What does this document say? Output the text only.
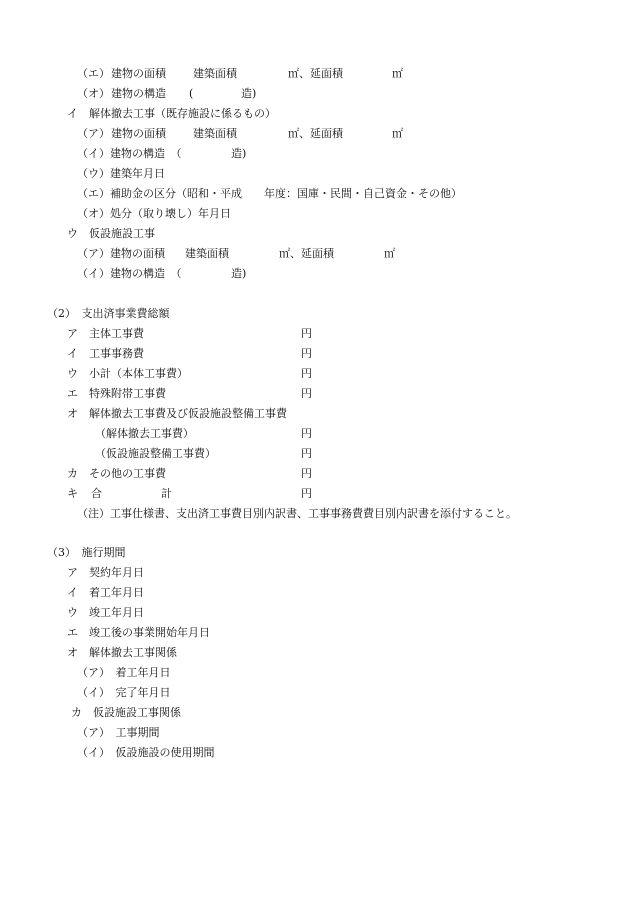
（エ） 建物の面積 建築面積	㎡、延面積	㎡
（オ） 建物の構造 (	造)
イ　解体撤去工事（既存施設に係るもの）
（ア） 建物の面積 建築面積	㎡、延面積	㎡
（イ）建物の構造　（	造)
（ウ）建築年月日
（エ）補助金の区分（昭和・平成　　年度：国庫・民間・自己資金・その他）
（オ）処分（取り壊し）年月日
ウ　仮設施設工事
（ア）建物の面積 建築面積	㎡、延面積	㎡
（イ）建物の構造　（	造)
（2）　支出済事業費総額
ア　主体工事費	円
イ　工事事務費	円
ウ　小計（本体工事費）	円
エ　特殊附帯工事費	円
オ　解体撤去工事費及び仮設施設整備工事費
（解体撤去工事費）	円
（仮設施設整備工事費）	円
カ　その他の工事費	円
キ 合	計	円
（注）工事仕様書、支出済工事費目別内訳書、工事事務費費目別内訳書を添付すること。
（3）　施行期間
ア　契約年月日
イ　着工年月日
ウ　竣工年月日
エ　竣工後の事業開始年月日
オ　解体撤去工事関係
（ア）　着工年月日
（イ）　完了年月日
カ　仮設施設工事関係
（ア）　工事期間
（イ）　仮設施設の使用期間
